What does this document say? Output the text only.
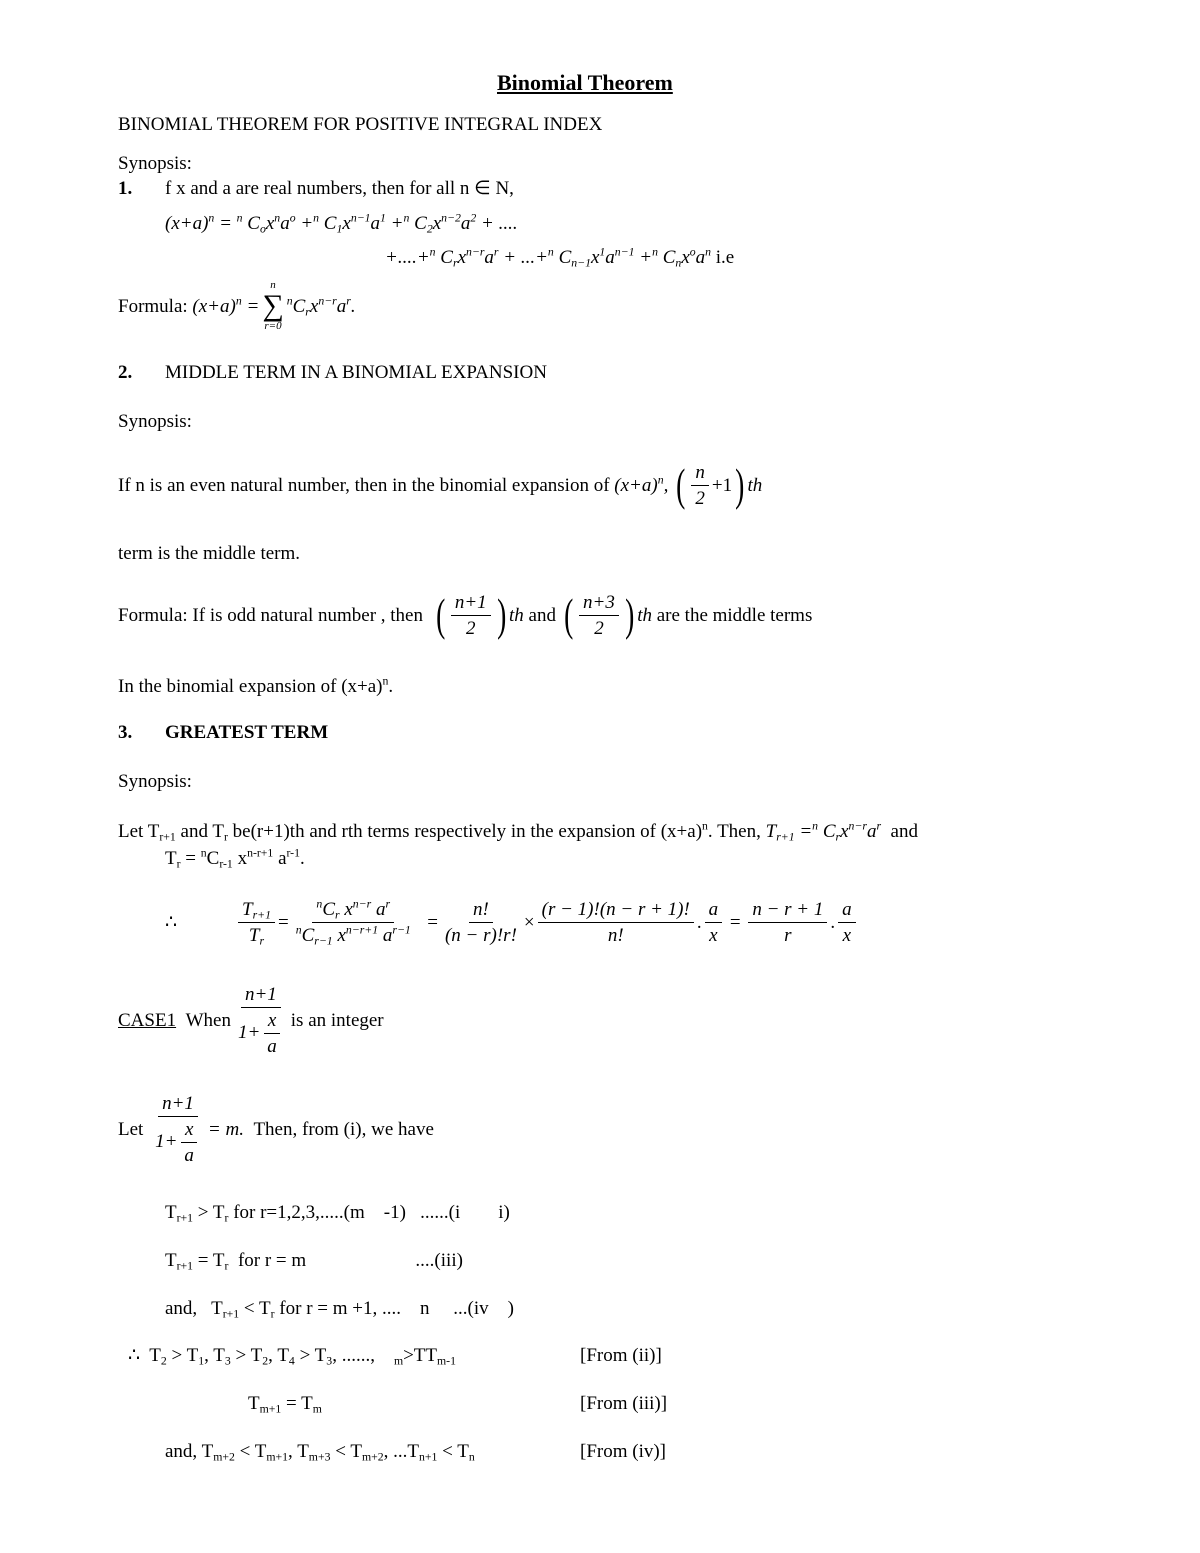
Binomial Theorem
BINOMIAL THEOREM FOR POSITIVE INTEGRAL INDEX
Synopsis:
1. f x and a are real numbers, then for all n ∈ N,
$(x+a)^n = ^n$ $C_ox^na^o +^n$ $C_1x^{n-1}a^1 +^n$ $C_2x^{n-2}a^2$ + ....
+....+$^n$ $C_rx^{n-r}a^r + ...+^n$ $C_{n-1}x^1a^{n-1} +^n$ $C_nx^oa^n$ i.e
Formula:
$(x+a)^n$ =
n
∑
r=0
$^nC_rx^{n-r}a^r$.
2. MIDDLE TERM IN A BINOMIAL EXPANSION
Synopsis:
If n is an even natural number, then in the binomial expansion of
$(x+a)^n$,
( $\frac{n}{2} +1$ ) th
term is the middle term.
Formula: If is odd natural number , then
( $\frac{n+1}{2}$ ) th
and
( $\frac{n+3}{2}$ ) th
are the middle terms
In the binomial expansion of $(x+a)^n$.
3. GREATEST TERM
Synopsis:
Let $T_{r+1}$ and $T_r$ be(r+1)th and rth terms respectively in the expansion of $(x+a)^n$. Then, $T_{r+1} =^n$ $C_rx^{n-r}a^r$ and
$T_r = ^nC_{r-1}$ $x^{n-r+1}$ $a^{r-1}$.
∴	$\frac{T_{r+1}}{T_r} = \frac{^nC_r x^{n-r} a^r}{^nC_{r-1} x^{n-r+1} a^{r-1}}$
= $\frac{n!}{(n - r)!r!} \times \frac{(r - 1)!(n - r + 1)!}{n!}$ . $\frac{a}{x}$
=
$\frac{n - r + 1}{r}$ . $\frac{a}{x}$
CASE1
When $\frac{n+1}{1+ \frac{x}{a}}$ is an integer
Let
$\frac{n+1}{1+ \frac{x}{a}} = m$.
Then, from (i), we have
$T_{r+1} > T_r$ for r=1,2,3,.....(m    -1)   ......(i        i)
$T_{r+1} = T_r$  for r = m                       ....(iii)
and,   $T_{r+1} < T_r$ for r = m +1, ....    n     ...(iv    )
∴  $T_2 > T_1$, $T_3 > T_2$, $T_4 > T_3$, ......,    $_m>TT_{m-1}$	[From (ii)]
$T_{m+1} = T_m$	[From (iii)]
and, $T_{m+2} < T_{m+1}$, $T_{m+3} < T_{m+2}$, $...T_{n+1} < T_n$	[From (iv)]
